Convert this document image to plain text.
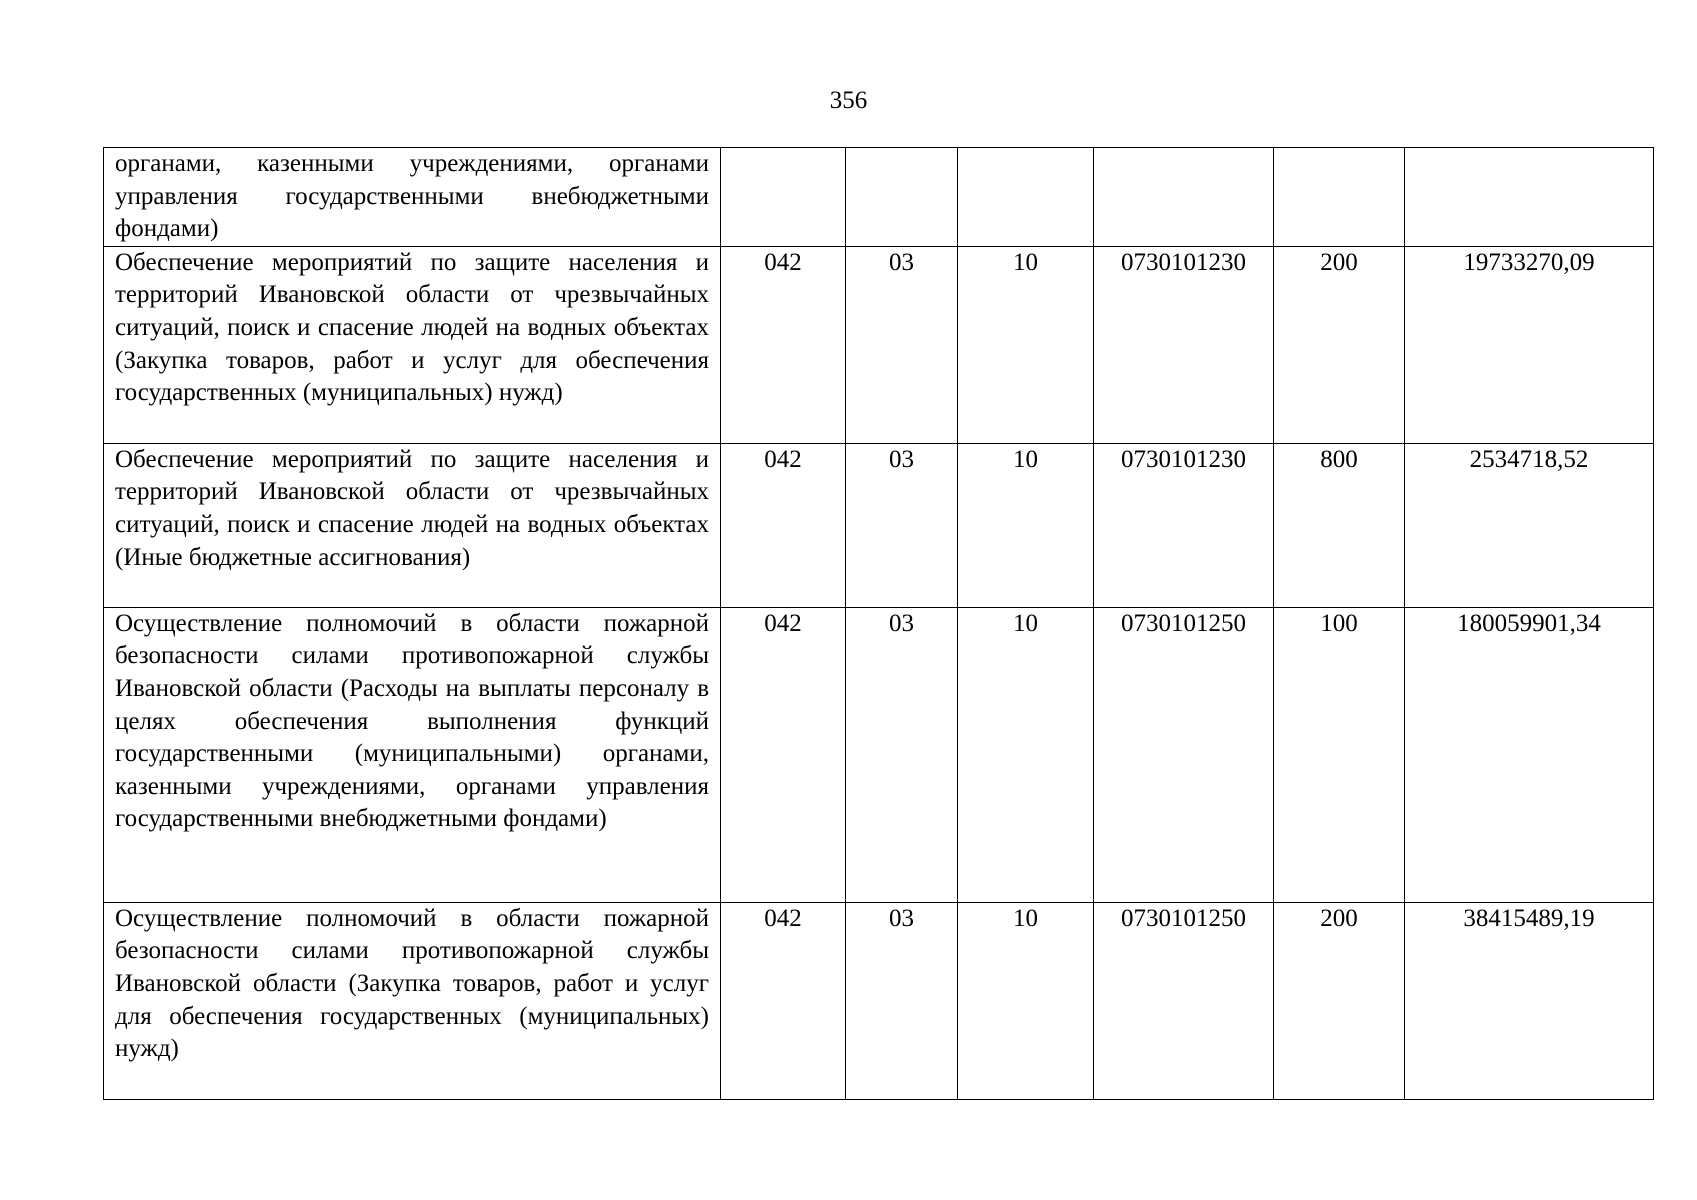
356
органами, казенными учреждениями, органами управления государственными внебюджетными фондами)						
Обеспечение мероприятий по защите населения и территорий Ивановской области от чрезвычайных ситуаций, поиск и спасение людей на водных объектах (Закупка товаров, работ и услуг для обеспечения государственных (муниципальных) нужд)	042	03	10	0730101230	200	19733270,09
Обеспечение мероприятий по защите населения и территорий Ивановской области от чрезвычайных ситуаций, поиск и спасение людей на водных объектах (Иные бюджетные ассигнования)	042	03	10	0730101230	800	2534718,52
Осуществление полномочий в области пожарной безопасности силами противопожарной службы Ивановской области (Расходы на выплаты персоналу в целях обеспечения выполнения функций государственными (муниципальными) органами, казенными учреждениями, органами управления государственными внебюджетными фондами)	042	03	10	0730101250	100	180059901,34
Осуществление полномочий в области пожарной безопасности силами противопожарной службы Ивановской области (Закупка товаров, работ и услуг для обеспечения государственных (муниципальных) нужд)	042	03	10	0730101250	200	38415489,19
